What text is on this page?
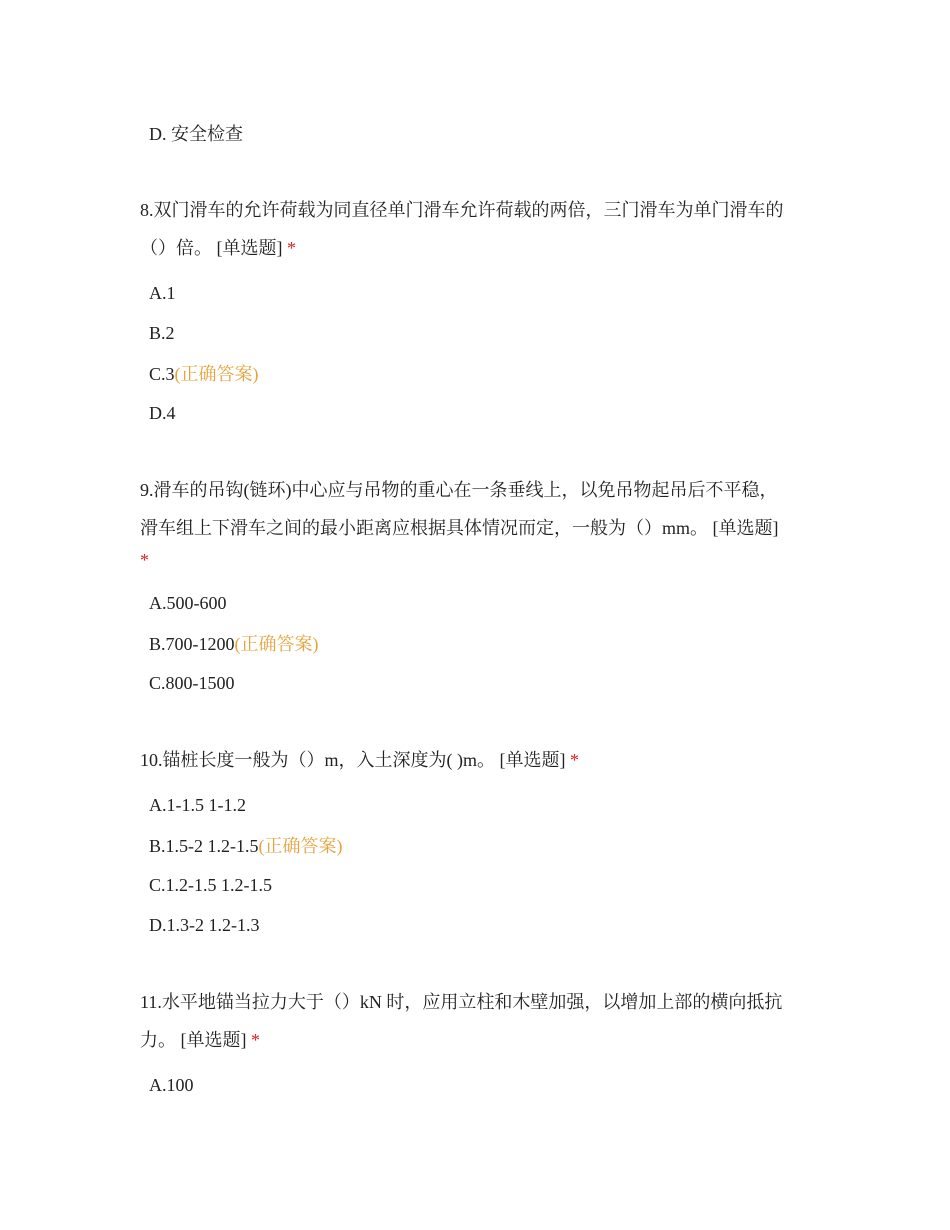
D. 安全检查
8.双门滑车的允许荷载为同直径单门滑车允许荷载的两倍，三门滑车为单门滑车的
（）倍。 [单选题] *
A.1
B.2
C.3(正确答案)
D.4
9.滑车的吊钩(链环)中心应与吊物的重心在一条垂线上，以免吊物起吊后不平稳，
滑车组上下滑车之间的最小距离应根据具体情况而定，一般为（）mm。 [单选题]
*
A.500-600
B.700-1200(正确答案)
C.800-1500
10.锚桩长度一般为（）m，入土深度为( )m。 [单选题] *
A.1-1.5 1-1.2
B.1.5-2 1.2-1.5(正确答案)
C.1.2-1.5 1.2-1.5
D.1.3-2 1.2-1.3
11.水平地锚当拉力大于（）kN 时，应用立柱和木壁加强，以增加上部的横向抵抗
力。 [单选题] *
A.100
